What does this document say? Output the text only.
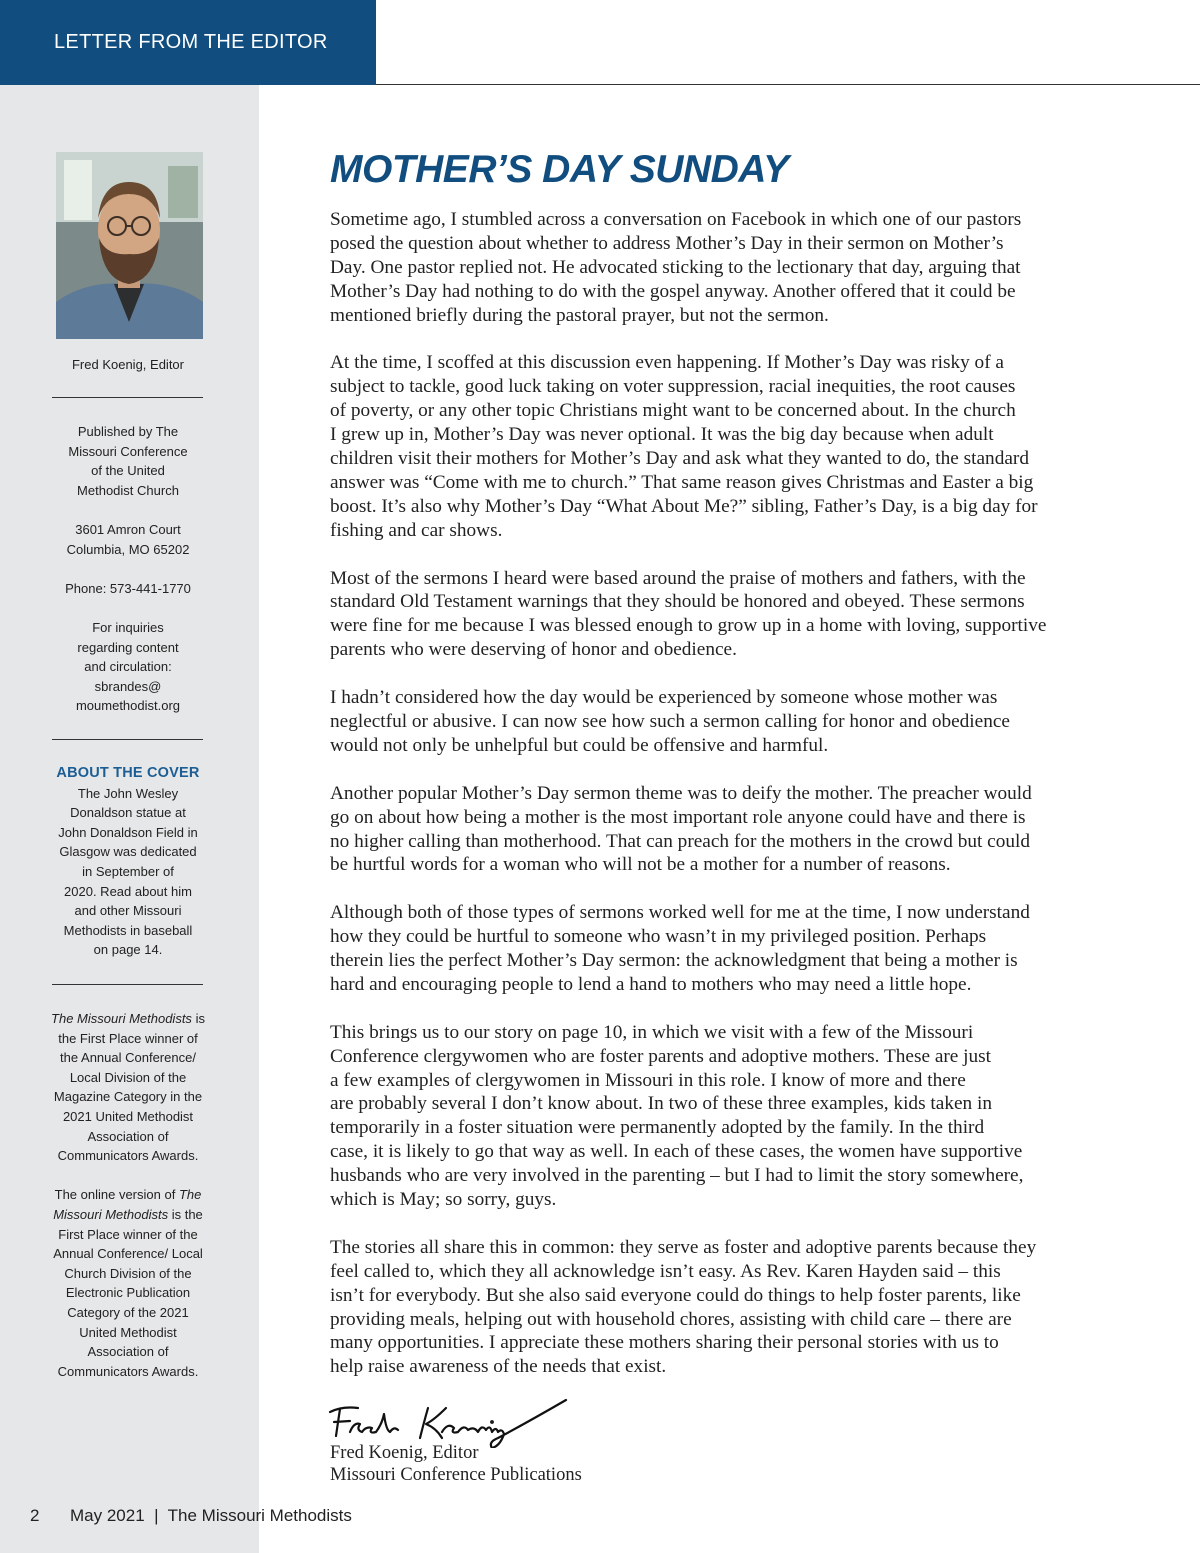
LETTER FROM THE EDITOR
Fred Koenig, Editor

Published by The
Missouri Conference
of the United
Methodist Church

3601 Amron Court
Columbia, MO 65202

Phone: 573-441-1770

For inquiries
regarding content
and circulation:
sbrandes@
moumethodist.org

ABOUT THE COVER
The John Wesley
Donaldson statue at
John Donaldson Field in
Glasgow was dedicated
in September of
2020. Read about him
and other Missouri
Methodists in baseball
on page 14.

The Missouri Methodists is the First Place winner of the Annual Conference/ Local Division of the Magazine Category in the 2021 United Methodist Association of Communicators Awards.

The online version of The Missouri Methodists is the First Place winner of the Annual Conference/ Local Church Division of the Electronic Publication Category of the 2021 United Methodist Association of Communicators Awards.

MOTHER’S DAY SUNDAY

Sometime ago, I stumbled across a conversation on Facebook in which one of our pastors
posed the question about whether to address Mother’s Day in their sermon on Mother’s
Day. One pastor replied not. He advocated sticking to the lectionary that day, arguing that
Mother’s Day had nothing to do with the gospel anyway. Another offered that it could be
mentioned briefly during the pastoral prayer, but not the sermon.

At the time, I scoffed at this discussion even happening. If Mother’s Day was risky of a
subject to tackle, good luck taking on voter suppression, racial inequities, the root causes
of poverty, or any other topic Christians might want to be concerned about. In the church
I grew up in, Mother’s Day was never optional. It was the big day because when adult
children visit their mothers for Mother’s Day and ask what they wanted to do, the standard
answer was “Come with me to church.” That same reason gives Christmas and Easter a big
boost. It’s also why Mother’s Day “What About Me?” sibling, Father’s Day, is a big day for
fishing and car shows.

Most of the sermons I heard were based around the praise of mothers and fathers, with the
standard Old Testament warnings that they should be honored and obeyed. These sermons
were fine for me because I was blessed enough to grow up in a home with loving, supportive
parents who were deserving of honor and obedience.

I hadn’t considered how the day would be experienced by someone whose mother was
neglectful or abusive. I can now see how such a sermon calling for honor and obedience
would not only be unhelpful but could be offensive and harmful.

Another popular Mother’s Day sermon theme was to deify the mother. The preacher would
go on about how being a mother is the most important role anyone could have and there is
no higher calling than motherhood. That can preach for the mothers in the crowd but could
be hurtful words for a woman who will not be a mother for a number of reasons.

Although both of those types of sermons worked well for me at the time, I now understand
how they could be hurtful to someone who wasn’t in my privileged position. Perhaps
therein lies the perfect Mother’s Day sermon: the acknowledgment that being a mother is
hard and encouraging people to lend a hand to mothers who may need a little hope.

This brings us to our story on page 10, in which we visit with a few of the Missouri
Conference clergywomen who are foster parents and adoptive mothers. These are just
a few examples of clergywomen in Missouri in this role. I know of more and there
are probably several I don’t know about. In two of these three examples, kids taken in
temporarily in a foster situation were permanently adopted by the family. In the third
case, it is likely to go that way as well. In each of these cases, the women have supportive
husbands who are very involved in the parenting – but I had to limit the story somewhere,
which is May; so sorry, guys.

The stories all share this in common: they serve as foster and adoptive parents because they
feel called to, which they all acknowledge isn’t easy. As Rev. Karen Hayden said – this
isn’t for everybody. But she also said everyone could do things to help foster parents, like
providing meals, helping out with household chores, assisting with child care – there are
many opportunities. I appreciate these mothers sharing their personal stories with us to
help raise awareness of the needs that exist.

Fred Koenig, Editor
Missouri Conference Publications
2 May 2021  |  The Missouri Methodists
